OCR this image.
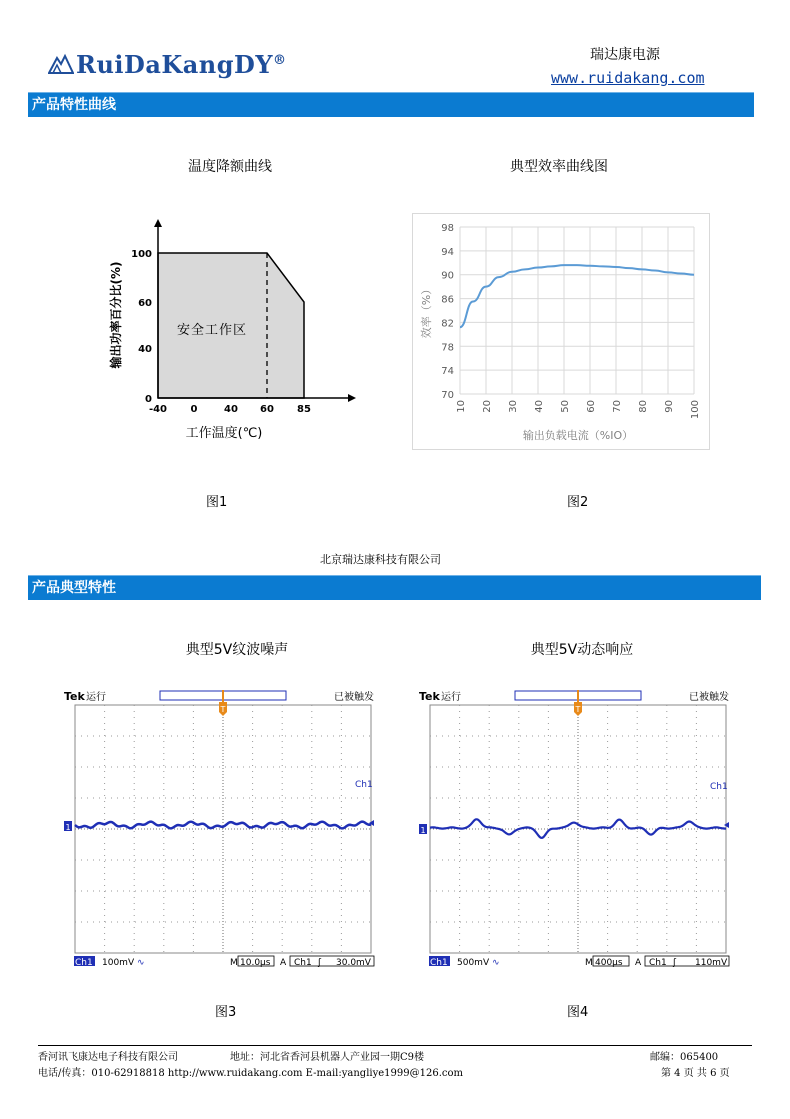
RuiDaKangDY®	瑞达康电源
www.ruidakang.com
产品特性曲线
温度降额曲线	典型效率曲线图
-40 0	40 60 85
0
40
60
100
安全工作区
输出功率百分比(%)
工作温度(℃)
70
74
78
82
86
90
94
98
10 20 30 40 50 60 70 80 90 100
效率（%）
输出负载电流（%IO）
图1	图2
北京瑞达康科技有限公司
产品典型特性
典型5V纹波噪声	典型5V动态响应
Tek 运行	已被触发
T
Ch1
1
Ch1 100mV ∿	M 10.0µs A Ch1 ʃ 30.0mV
Tek 运行	已被触发
T
Ch1
1
Ch1 500mV ∿	M 400µs A Ch1 ʃ 110mV
图3	图4
香河讯飞康达电子科技有限公司	地址：河北省香河县机器人产业园一期C9楼	邮编：065400
电话/传真：010-62918818 http://www.ruidakang.com E-mail:yangliye1999@126.com	第 4 页 共 6 页
